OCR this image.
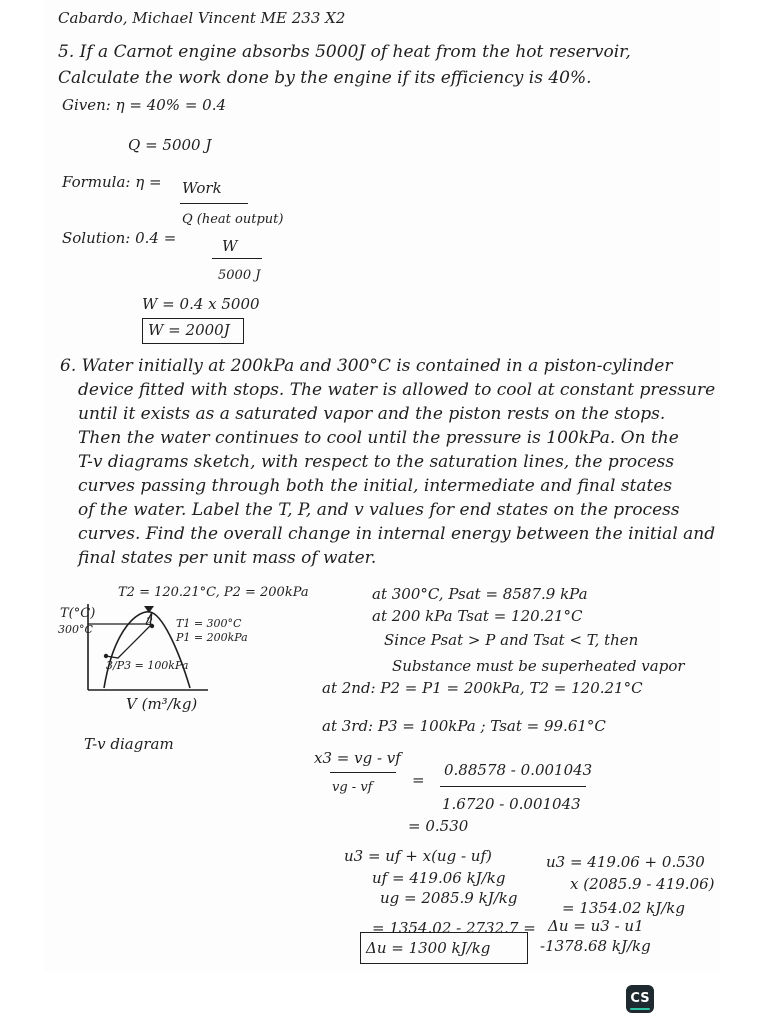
Cabardo, Michael Vincent ME 233 X2
5. If a Carnot engine absorbs 5000J of heat from the hot reservoir,
Calculate the work done by the engine if its efficiency is 40%.
Given: η = 40% = 0.4
Q = 5000 J
Formula: η = Work
Q (heat output)
Solution: 0.4 =	W
5000 J
W = 0.4 x 5000
W = 2000J
6. Water initially at 200kPa and 300°C is contained in a piston-cylinder
device fitted with stops. The water is allowed to cool at constant pressure
until it exists as a saturated vapor and the piston rests on the stops.
Then the water continues to cool until the pressure is 100kPa. On the
T-v diagrams sketch, with respect to the saturation lines, the process
curves passing through both the initial, intermediate and final states
of the water. Label the T, P, and v values for end states on the process
curves. Find the overall change in internal energy between the initial and
final states per unit mass of water.
T2 = 120.21°C, P2 = 200kPa
T(°C)
300°C	T1 = 300°C
P1 = 200kPa
2
3/P3 = 100kPa
V (m³/kg)
T-v diagram
at 300°C, Psat = 8587.9 kPa
at 200 kPa Tsat = 120.21°C
Since Psat > P and Tsat < T, then
Substance must be superheated vapor
at 2nd: P2 = P1 = 200kPa, T2 = 120.21°C
at 3rd: P3 = 100kPa ; Tsat = 99.61°C
x3 = vg - vf
vg - vf	=
0.88578 - 0.001043
1.6720 - 0.001043
= 0.530
u3 = uf + x(ug - uf)
uf = 419.06 kJ/kg
ug = 2085.9 kJ/kg
u3 = 419.06 + 0.530
x (2085.9 - 419.06)
= 1354.02 kJ/kg
= 1354.02 - 2732.7 = Δu = u3 - u1
-1378.68 kJ/kg
Δu = 1300 kJ/kg
CS
